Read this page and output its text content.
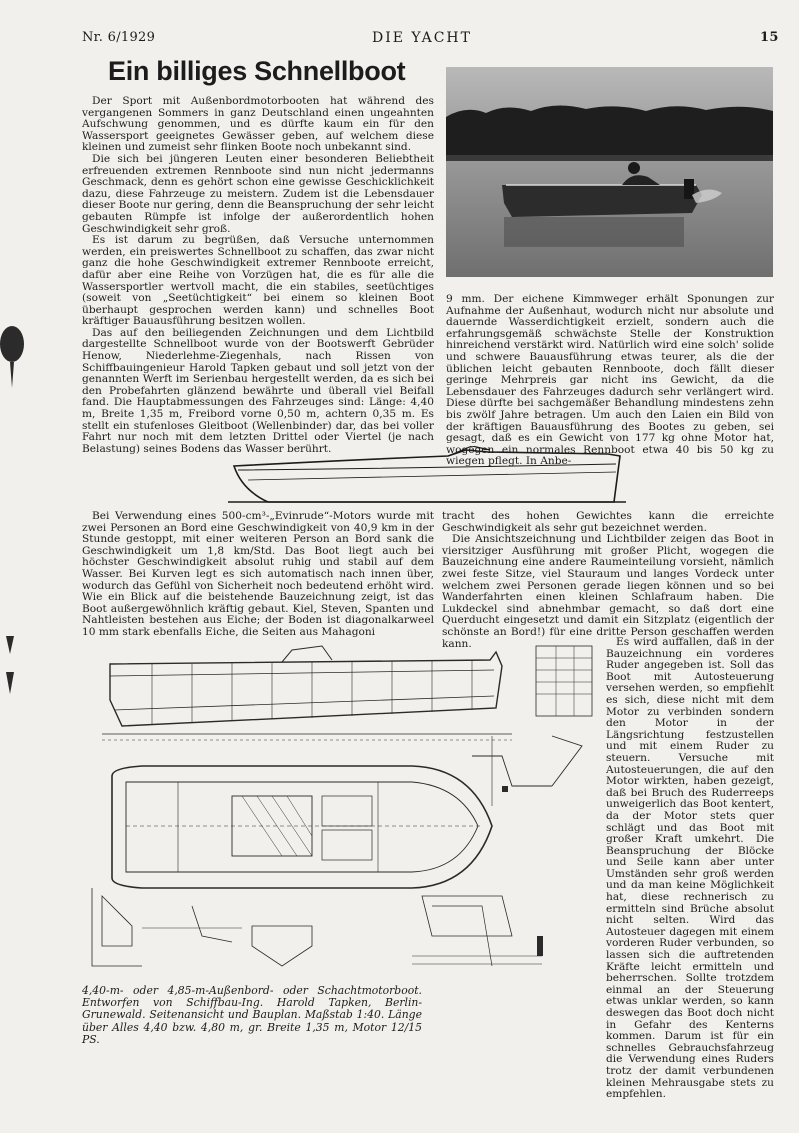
Nr. 6/1929	DIE YACHT	15
Ein billiges Schnellboot

Der Sport mit Außenbordmotorbooten hat während des vergangenen Sommers in ganz Deutschland einen ungeahnten Aufschwung genommen, und es dürfte kaum ein für den Wassersport geeignetes Gewässer geben, auf welchem diese kleinen und zumeist sehr flinken Boote noch unbekannt sind.

Die sich bei jüngeren Leuten einer besonderen Beliebtheit erfreuenden extremen Rennboote sind nun nicht jedermanns Geschmack, denn es gehört schon eine gewisse Geschicklichkeit dazu, diese Fahrzeuge zu meistern. Zudem ist die Lebensdauer dieser Boote nur gering, denn die Beanspruchung der sehr leicht gebauten Rümpfe ist infolge der außerordentlich hohen Geschwindigkeit sehr groß.

Es ist darum zu begrüßen, daß Versuche unternommen werden, ein preiswertes Schnellboot zu schaffen, das zwar nicht ganz die hohe Geschwindigkeit extremer Rennboote erreicht, dafür aber eine Reihe von Vorzügen hat, die es für alle die Wassersportler wertvoll macht, die ein stabiles, seetüchtiges (soweit von „Seetüchtigkeit“ bei einem so kleinen Boot überhaupt gesprochen werden kann) und schnelles Boot kräftiger Bauausführung besitzen wollen.

Das auf den beiliegenden Zeichnungen und dem Lichtbild dargestellte Schnellboot wurde von der Bootswerft Gebrüder Henow, Niederlehme-Ziegenhals, nach Rissen von Schiffbauingenieur Harold Tapken gebaut und soll jetzt von der genannten Werft im Serienbau hergestellt werden, da es sich bei den Probefahrten glänzend bewährte und überall viel Beifall fand. Die Hauptabmessungen des Fahrzeuges sind: Länge: 4,40 m, Breite 1,35 m, Freibord vorne 0,50 m, achtern 0,35 m. Es stellt ein stufenloses Gleitboot (Wellenbinder) dar, das bei voller Fahrt nur noch mit dem letzten Drittel oder Viertel (je nach Belastung) seines Bodens das Wasser berührt.

9 mm. Der eichene Kimmweger erhält Sponungen zur Aufnahme der Außenhaut, wodurch nicht nur absolute und dauernde Wasserdichtigkeit erzielt, sondern auch die erfahrungsgemäß schwächste Stelle der Konstruktion hinreichend verstärkt wird. Natürlich wird eine solch' solide und schwere Bauausführung etwas teurer, als die der üblichen leicht gebauten Rennboote, doch fällt dieser geringe Mehrpreis gar nicht ins Gewicht, da die Lebensdauer des Fahrzeuges dadurch sehr verlängert wird. Diese dürfte bei sachgemäßer Behandlung mindestens zehn bis zwölf Jahre betragen. Um auch den Laien ein Bild von der kräftigen Bauausführung des Bootes zu geben, sei gesagt, daß es ein Gewicht von 177 kg ohne Motor hat, wogegen ein normales Rennboot etwa 40 bis 50 kg zu wiegen pflegt. In Anbe-

Bei Verwendung eines 500-cm³-„Evinrude“-Motors wurde mit zwei Personen an Bord eine Geschwindigkeit von 40,9 km in der Stunde gestoppt, mit einer weiteren Person an Bord sank die Geschwindigkeit um 1,8 km/Std. Das Boot liegt auch bei höchster Geschwindigkeit absolut ruhig und stabil auf dem Wasser. Bei Kurven legt es sich automatisch nach innen über, wodurch das Gefühl von Sicherheit noch bedeutend erhöht wird. Wie ein Blick auf die beistehende Bauzeichnung zeigt, ist das Boot außergewöhnlich kräftig gebaut. Kiel, Steven, Spanten und Nahtleisten bestehen aus Eiche; der Boden ist diagonalkarweel 10 mm stark ebenfalls Eiche, die Seiten aus Mahagoni

tracht des hohen Gewichtes kann die erreichte Geschwindigkeit als sehr gut bezeichnet werden.

Die Ansichtszeichnung und Lichtbilder zeigen das Boot in viersitziger Ausführung mit großer Plicht, wogegen die Bauzeichnung eine andere Raumeinteilung vorsieht, nämlich zwei feste Sitze, viel Stauraum und langes Vordeck unter welchem zwei Personen gerade liegen können und so bei Wanderfahrten einen kleinen Schlafraum haben. Die Lukdeckel sind abnehmbar gemacht, so daß dort eine Querducht eingesetzt und damit ein Sitzplatz (eigentlich der schönste an Bord!) für eine dritte Person geschaffen werden kann.	Es wird auffallen, daß in der Bauzeichnung ein vorderes Ruder angegeben ist. Soll das Boot mit Autosteuerung versehen werden, so empfiehlt es sich, diese nicht mit dem Motor zu verbinden sondern den Motor in der Längsrichtung festzustellen und mit einem Ruder zu steuern. Versuche mit Autosteuerungen, die auf den Motor wirkten, haben gezeigt, daß bei Bruch des Ruderreeps unweigerlich das Boot kentert, da der Motor stets quer schlägt und das Boot mit großer Kraft umkehrt. Die Beanspruchung der Blöcke und Seile kann aber unter Umständen sehr groß werden und da man keine Möglichkeit hat, diese rechnerisch zu ermitteln sind Brüche absolut nicht selten. Wird das Autosteuer dagegen mit einem vorderen Ruder verbunden, so lassen sich die auftretenden Kräfte leicht ermitteln und beherrschen. Sollte trotzdem einmal an der Steuerung etwas unklar werden, so kann deswegen das Boot doch nicht in Gefahr des Kenterns kommen. Darum ist für ein schnelles Gebrauchsfahrzeug die Verwendung eines Ruders trotz der damit verbundenen kleinen Mehrausgabe stets zu empfehlen.

4,40-m- oder 4,85-m-Außenbord- oder Schachtmotorboot. Entworfen von Schiffbau-Ing. Harold Tapken, Berlin-Grunewald. Seitenansicht und Bauplan. Maßstab 1:40. Länge über Alles 4,40 bzw. 4,80 m, gr. Breite 1,35 m, Motor 12/15 PS.
